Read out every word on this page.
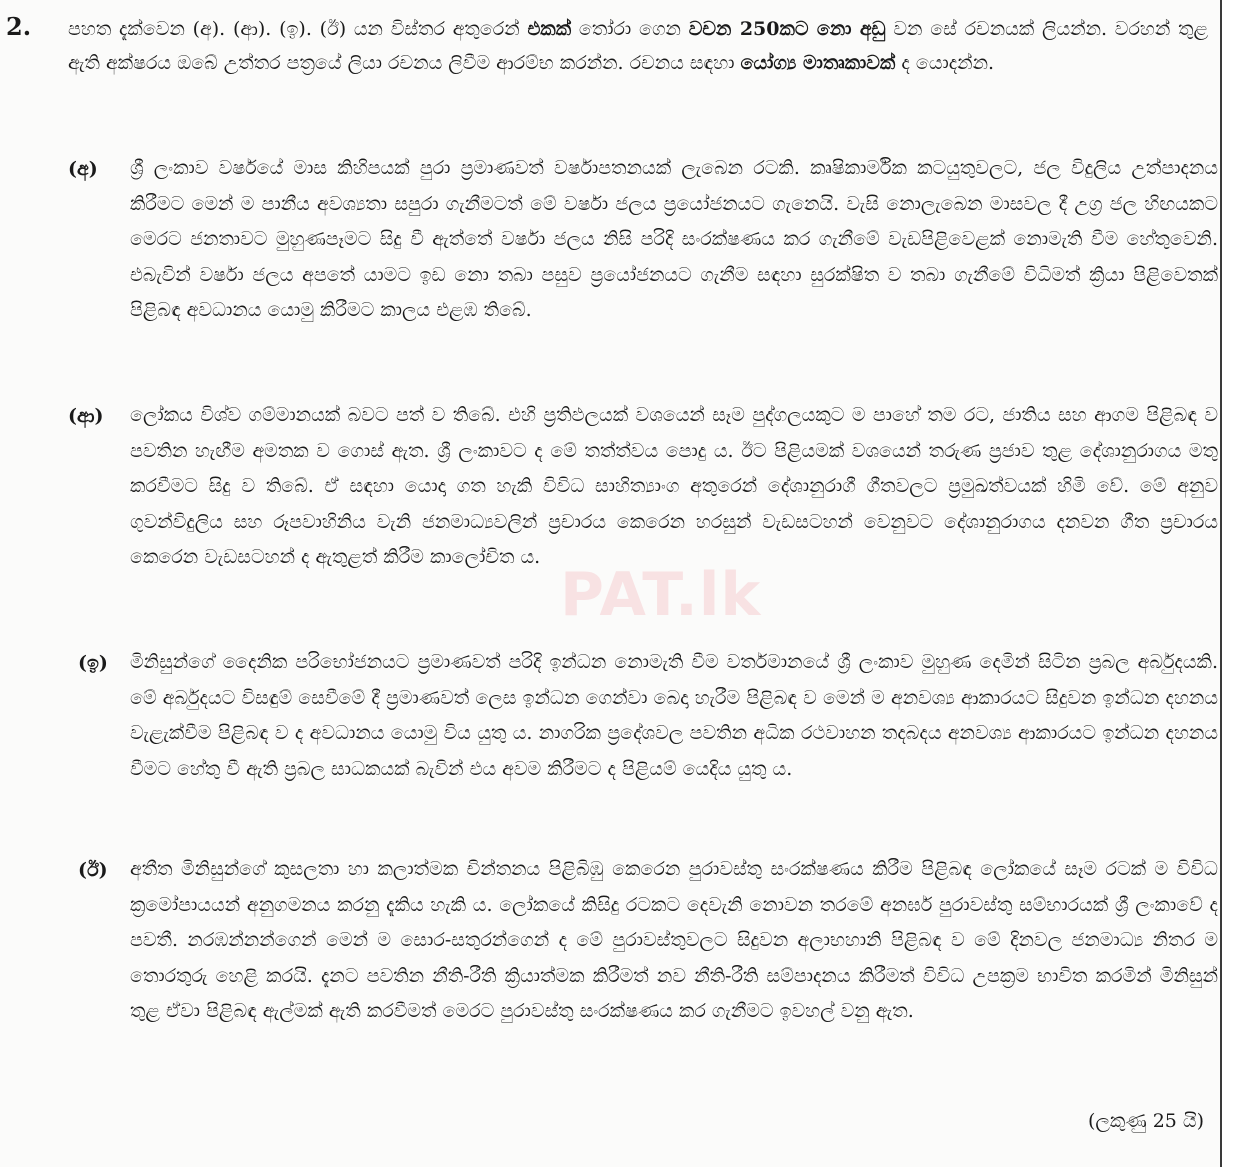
2. පහත දැක්වෙන (අ). (ආ). (ඉ). (ඊ) යන විස්තර අතුරෙන් එකක් තෝරා ගෙන වචන 250කට නො අඩු වන සේ රචනයක් ලියන්න. වරහන් තුළ ඇති අක්ෂරය ඔබේ උත්තර පත්‍රයේ ලියා රචනය ලිවීම ආරම්භ කරන්න. රචනය සඳහා යෝග්‍ය මාතෘකාවක් ද යොදන්න.
(අ) ශ්‍රී ලංකාව වර්ෂයේ මාස කිහිපයක් පුරා ප්‍රමාණවත් වර්ෂාපතනයක් ලැබෙන රටකි. කෘෂිකාර්මික කටයුතුවලට, ජල විදුලිය උත්පාදනය කිරීමට මෙන් ම පානීය අවශ්‍යතා සපුරා ගැනීමටත් මේ වර්ෂා ජලය ප්‍රයෝජනයට ගැනෙයි. වැසි නොලැබෙන මාසවල දී උග්‍ර ජල හිඟයකට මෙරට ජනතාවට මුහුණපෑමට සිදු වී ඇත්තේ වර්ෂා ජලය නිසි පරිදි සංරක්ෂණය කර ගැනීමේ වැඩපිළිවෙළක් නොමැති වීම හේතුවෙනි. එබැවින් වර්ෂා ජලය අපතේ යාමට ඉඩ නො තබා පසුව ප්‍රයෝජනයට ගැනීම සඳහා සුරක්ෂිත ව තබා ගැනීමේ විධිමත් ක්‍රියා පිළිවෙතක් පිළිබඳ අවධානය යොමු කිරීමට කාලය එළඹ තිබේ.
(ආ) ලෝකය විශ්ව ගම්මානයක් බවට පත් ව තිබේ. එහි ප්‍රතිඵලයක් වශයෙන් සෑම පුද්ගලයකුට ම පාහේ තම රට, ජාතිය සහ ආගම පිළිබඳ ව පවතින හැඟීම අමතක ව ගොස් ඇත. ශ්‍රී ලංකාවට ද මේ තත්ත්වය පොදු ය. ඊට පිළියමක් වශයෙන් තරුණ ප්‍රජාව තුළ දේශානුරාගය මතු කරවීමට සිදු ව තිබේ. ඒ සඳහා යොදා ගත හැකි විවිධ සාහිත්‍යාංග අතුරෙන් දේශානුරාගී ගීතවලට ප්‍රමුඛත්වයක් හිමි වේ. මේ අනුව ගුවන්විදුලිය සහ රූපවාහිනිය වැනි ජනමාධ්‍යවලින් ප්‍රචාරය කෙරෙන හරසුන් වැඩසටහන් වෙනුවට දේශානුරාගය දනවන ගීත ප්‍රචාරය කෙරෙන වැඩසටහන් ද ඇතුළත් කිරීම කාලෝචිත ය.
(ඉ) මිනිසුන්ගේ දෛනික පරිභෝජනයට ප්‍රමාණවත් පරිදි ඉන්ධන නොමැති වීම වර්තමානයේ ශ්‍රී ලංකාව මුහුණ දෙමින් සිටින ප්‍රබල අර්බුදයකි. මේ අර්බුදයට විසඳුම් සෙවීමේ දී ප්‍රමාණවත් ලෙස ඉන්ධන ගෙන්වා බෙදා හැරීම පිළිබඳ ව මෙන් ම අනවශ්‍ය ආකාරයට සිදුවන ඉන්ධන දහනය වැළැක්වීම පිළිබඳ ව ද අවධානය යොමු විය යුතු ය. නාගරික ප්‍රදේශවල පවතින අධික රථවාහන තදබදය අනවශ්‍ය ආකාරයට ඉන්ධන දහනය වීමට හේතු වී ඇති ප්‍රබල සාධකයක් බැවින් එය අවම කිරීමට ද පිළියම් යෙදිය යුතු ය.
(ඊ) අතීත මිනිසුන්ගේ කුසලතා හා කලාත්මක චින්තනය පිළිබිඹු කෙරෙන පුරාවස්තු සංරක්ෂණය කිරීම පිළිබඳ ලෝකයේ සෑම රටක් ම විවිධ ක්‍රමෝපායයන් අනුගමනය කරනු දැකිය හැකි ය. ලෝකයේ කිසිදු රටකට දෙවැනි නොවන තරමේ අනර්ඝ පුරාවස්තු සම්භාරයක් ශ්‍රී ලංකාවේ ද පවතී. නරඹන්නන්ගෙන් මෙන් ම සොර-සතුරන්ගෙන් ද මේ පුරාවස්තුවලට සිදුවන අලාභහානි පිළිබඳ ව මේ දිනවල ජනමාධ්‍ය නිතර ම තොරතුරු හෙළි කරයි. දැනට පවතින නීති-රීති ක්‍රියාත්මක කිරීමත් නව නීති-රීති සම්පාදනය කිරීමත් විවිධ උපක්‍රම භාවිත කරමින් මිනිසුන් තුළ ඒවා පිළිබඳ ඇල්මක් ඇති කරවීමත් මෙරට පුරාවස්තු සංරක්ෂණය කර ගැනීමට ඉවහල් වනු ඇත.
(ලකුණු 25 යි)
PAT.lk
